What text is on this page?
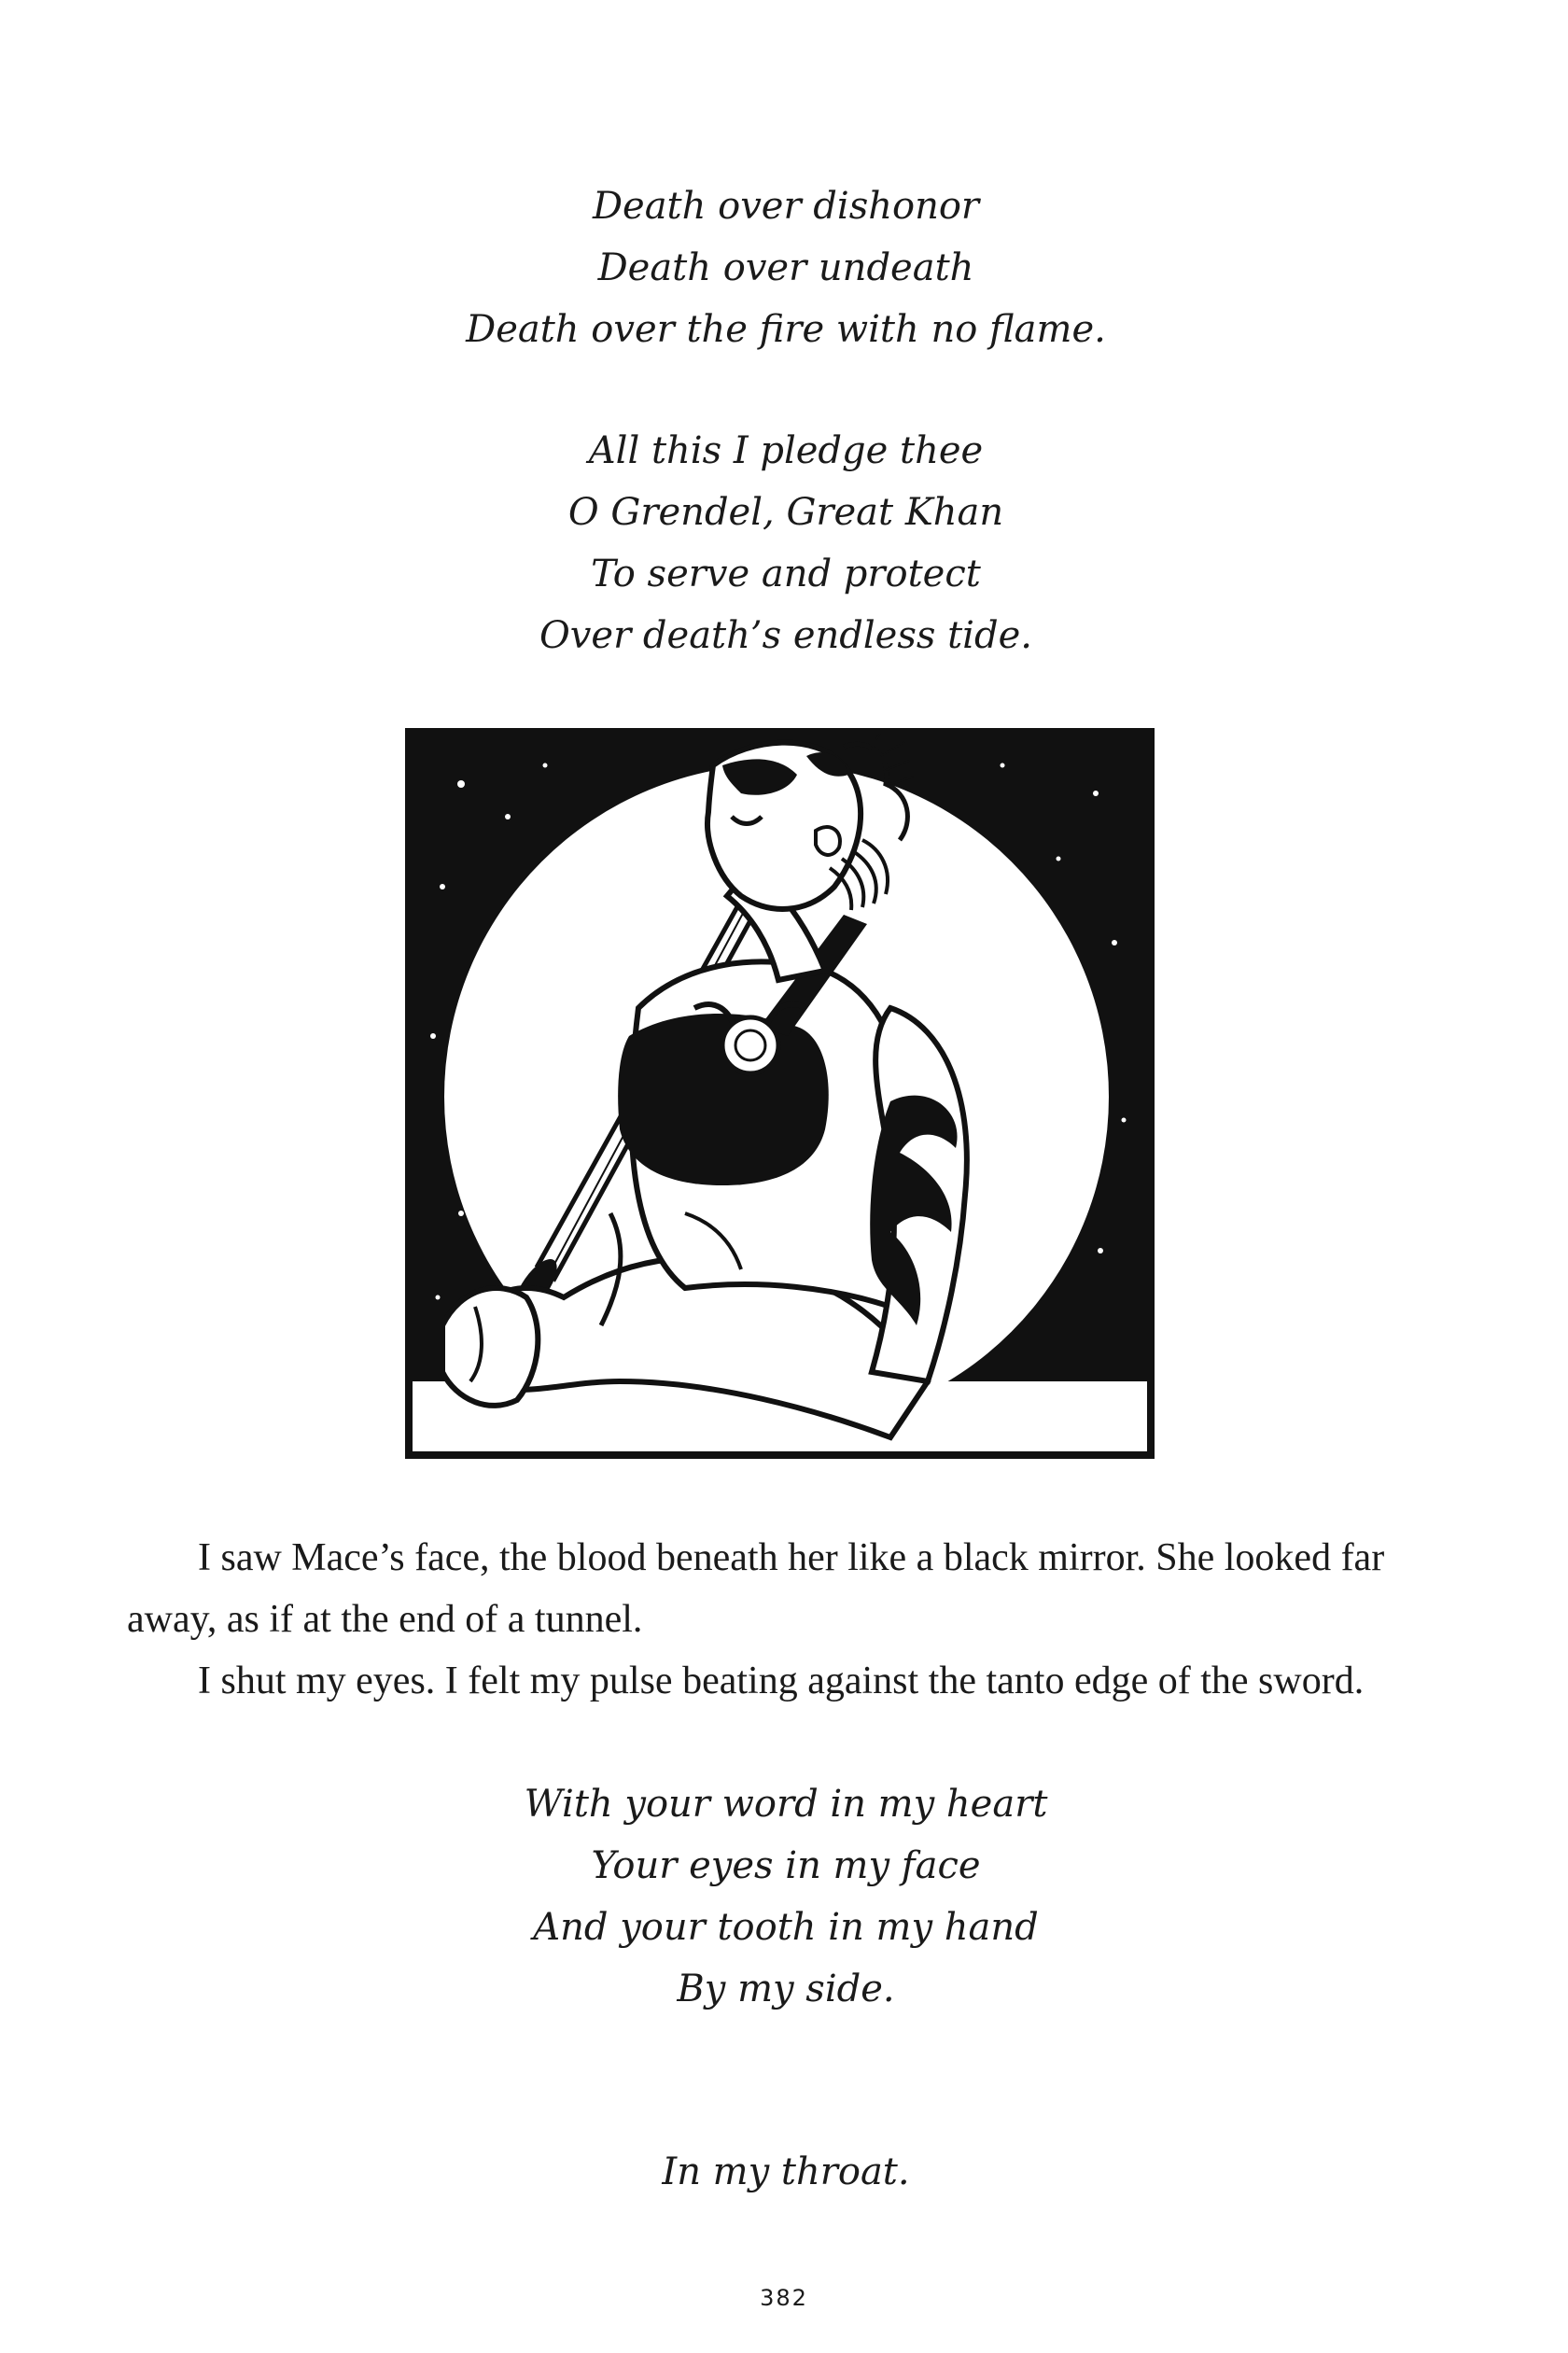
Death over dishonor
Death over undeath
Death over the fire with no flame.
All this I pledge thee
O Grendel, Great Khan
To serve and protect
Over death’s endless tide.
I saw Mace’s face, the blood beneath her like a black mirror. She looked far away, as if at the end of a tunnel.
I shut my eyes. I felt my pulse beating against the tanto edge of the sword.
With your word in my heart
Your eyes in my face
And your tooth in my hand
By my side.
In my throat.
382
